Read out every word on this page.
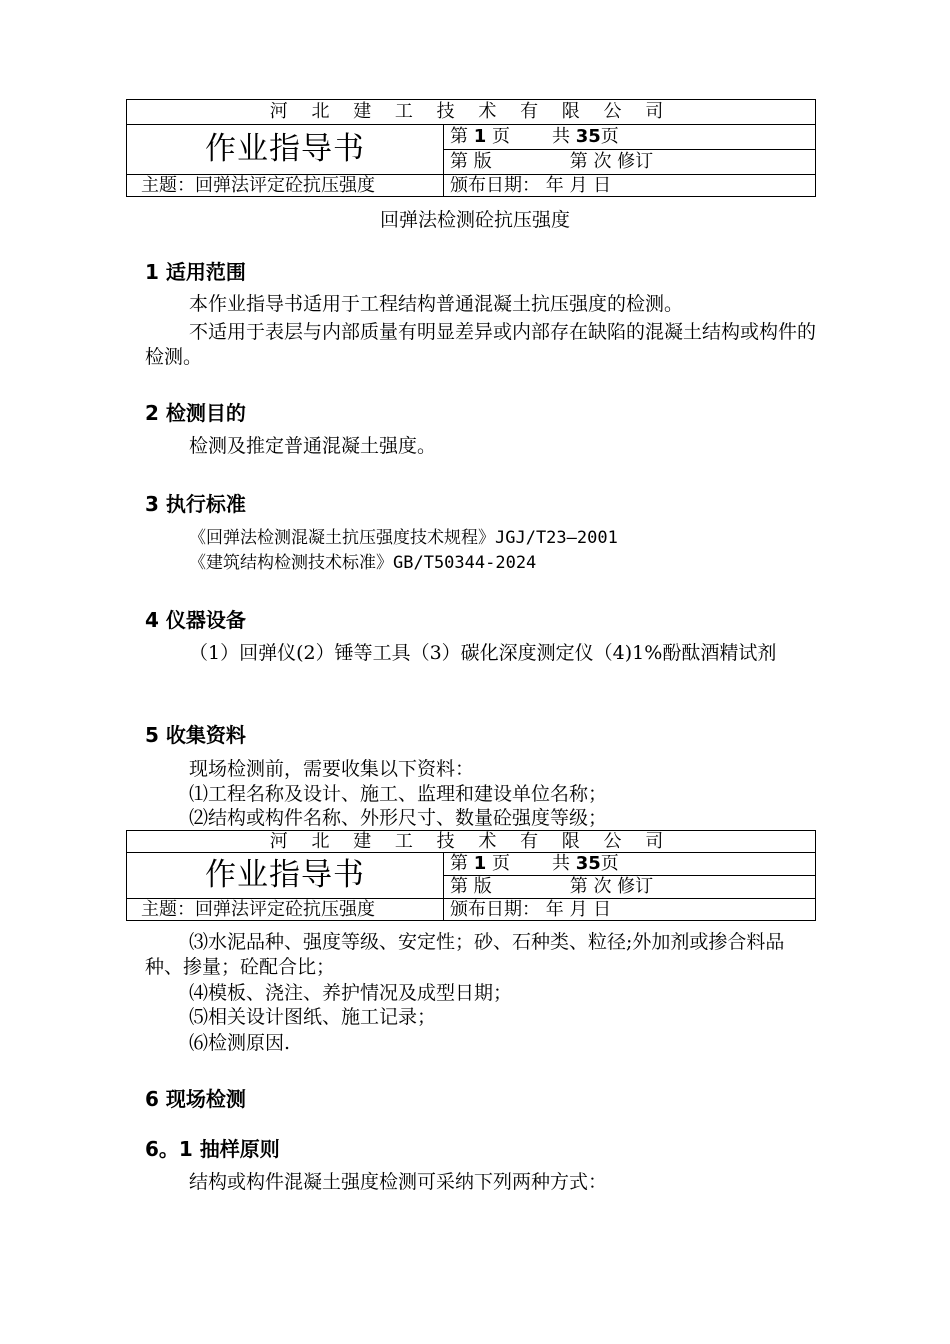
河 北 建 工 技 术 有 限 公 司	
作业指导书	第 1 页 共 35页
	第 版 第 次 修订
主题：回弹法评定砼抗压强度	颁布日期： 年 月 日
回弹法检测砼抗压强度
1 适用范围

本作业指导书适用于工程结构普通混凝土抗压强度的检测。

不适用于表层与内部质量有明显差异或内部存在缺陷的混凝土结构或构件的检测。

2 检测目的

检测及推定普通混凝土强度。

3 执行标准

《回弹法检测混凝土抗压强度技术规程》JGJ/T23—2001

《建筑结构检测技术标准》GB/T50344-2024

4 仪器设备

（1）回弹仪(2）锤等工具（3）碳化深度测定仪（4)1%酚酞酒精试剂

5 收集资料

现场检测前，需要收集以下资料：

⑴工程名称及设计、施工、监理和建设单位名称；

⑵结构或构件名称、外形尺寸、数量砼强度等级；

河 北 建 工 技 术 有 限 公 司	
作业指导书	第 1 页 共 35页
	第 版 第 次 修订
主题：回弹法评定砼抗压强度	颁布日期： 年 月 日

⑶水泥品种、强度等级、安定性；砂、石种类、粒径;外加剂或掺合料品种、掺量；砼配合比；

⑷模板、浇注、养护情况及成型日期；

⑸相关设计图纸、施工记录；

⑹检测原因.

6 现场检测
6。1 抽样原则

结构或构件混凝土强度检测可采纳下列两种方式：
